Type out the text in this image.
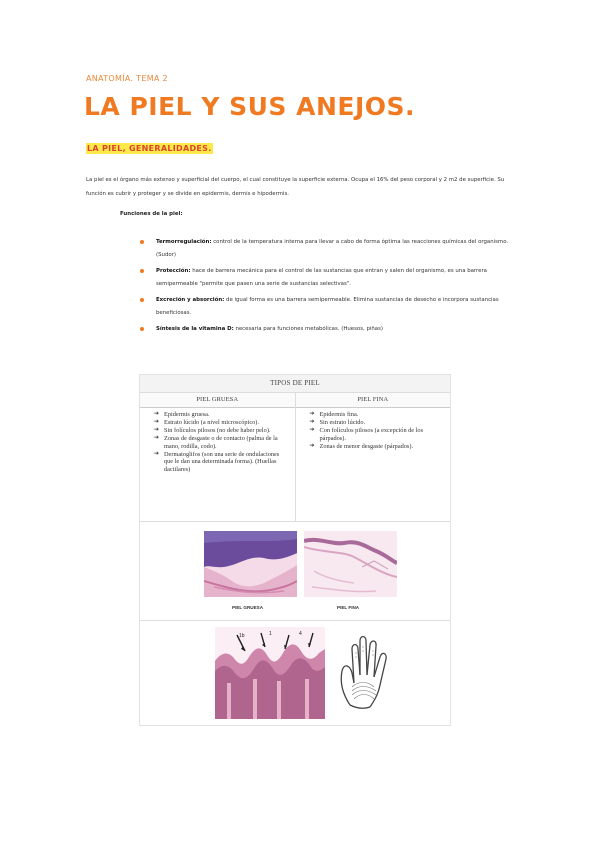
ANATOMÍA. TEMA 2
LA PIEL Y SUS ANEJOS.
LA PIEL, GENERALIDADES.
La piel es el órgano más extenso y superficial del cuerpo, el cual constituye la superficie externa. Ocupa el 16% del peso corporal y 2 m2 de superficie. Su función es cubrir y proteger y se divide en epidermis, dermis e hipodermis.
Funciones de la piel:
Termorregulación: control de la temperatura interna para llevar a cabo de forma óptima las reacciones químicas del organismo. (Sudor)
Protección: hace de barrera mecánica para el control de las sustancias que entran y salen del organismo, es una barrera semipermeable "permite que pasen una serie de sustancias selectivas".
Excreción y absorción: de igual forma es una barrera semipermeable. Elimina sustancias de desecho e incorpora sustancias beneficiosas.
Síntesis de la vitamina D: necesaria para funciones metabólicas. (Huesos, piñas)
TIPOS DE PIEL
PIEL GRUESA
➔ Epidermis gruesa.
➔ Estrato lúcido (a nivel microscópico).
➔ Sin folículos pilosos (no debe haber pelo).
➔ Zonas de desgaste o de contacto (palma de la mano, rodilla, codo).
➔ Dermatoglifos (son una serie de ondulaciones que le dan una determinada forma). (Huellas dactilares)
PIEL FINA
➔ Epidermis fina.
➔ Sin estrato lúcido.
➔ Con folículos pilosos (a excepción de los párpados).
➔ Zonas de menor desgaste (párpados).
PIEL GRUESA	PIEL FINA
1b	1	4
